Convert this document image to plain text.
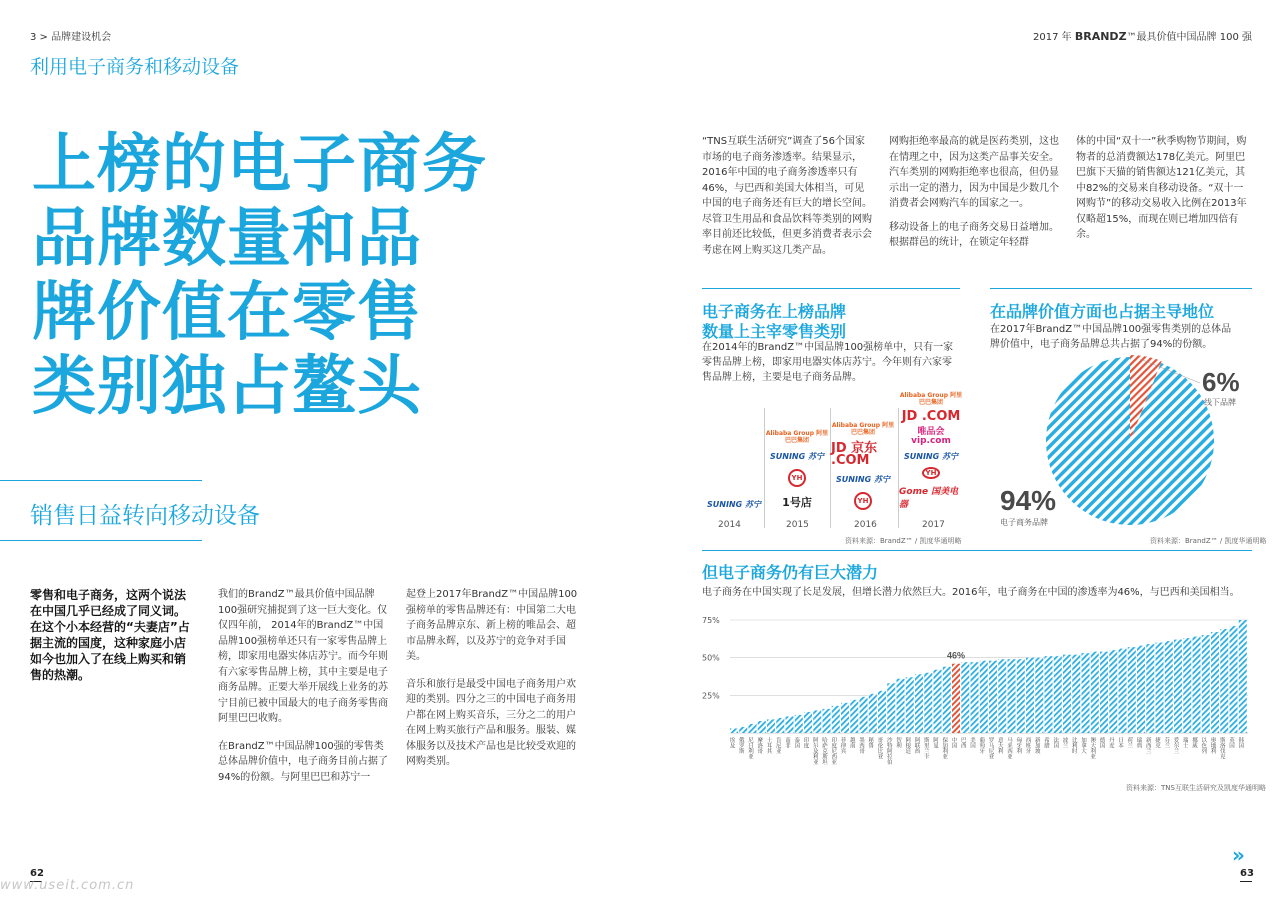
3 > 品牌建设机会
利用电子商务和移动设备
上榜的电子商务
品牌数量和品
牌价值在零售
类别独占鳌头
销售日益转向移动设备
零售和电子商务，这两个说法
在中国几乎已经成了同义词。
在这个小本经营的“夫妻店”占
据主流的国度，这种家庭小店
如今也加入了在线上购买和销
售的热潮。

我们的BrandZ™最具价值中国品牌100强研究捕捉到了这一巨大变化。仅仅四年前， 2014年的BrandZ™中国品牌100强榜单还只有一家零售品牌上榜，即家用电器实体店苏宁。而今年则有六家零售品牌上榜，其中主要是电子商务品牌。正要大举开展线上业务的苏宁目前已被中国最大的电子商务零售商阿里巴巴收购。

在BrandZ™中国品牌100强的零售类总体品牌价值中，电子商务目前占据了94%的份额。与阿里巴巴和苏宁一

起登上2017年BrandZ™中国品牌100强榜单的零售品牌还有：中国第二大电子商务品牌京东、新上榜的唯品会、超市品牌永辉，以及苏宁的竞争对手国美。

音乐和旅行是最受中国电子商务用户欢迎的类别。四分之三的中国电子商务用户都在网上购买音乐，三分之二的用户在网上购买旅行产品和服务。服装、媒体服务以及技术产品也是比较受欢迎的网购类别。

62
www.useit.com.cn
2017 年 BRANDZ™最具价值中国品牌 100 强

“TNS互联生活研究”调查了56个国家市场的电子商务渗透率。结果显示，2016年中国的电子商务渗透率只有46%，与巴西和美国大体相当，可见中国的电子商务还有巨大的增长空间。尽管卫生用品和食品饮料等类别的网购率目前还比较低，但更多消费者表示会考虑在网上购买这几类产品。

网购拒绝率最高的就是医药类别，这也在情理之中，因为这类产品事关安全。汽车类别的网购拒绝率也很高，但仍显示出一定的潜力，因为中国是少数几个消费者会网购汽车的国家之一。

移动设备上的电子商务交易日益增加。根据群邑的统计，在锁定年轻群

体的中国“双十一”秋季购物节期间，购物者的总消费额达178亿美元。阿里巴巴旗下天猫的销售额达121亿美元，其中82%的交易来自移动设备。“双十一网购节”的移动交易收入比例在2013年仅略超15%，而现在则已增加四倍有余。

电子商务在上榜品牌
数量上主宰零售类别
在2014年的BrandZ™中国品牌100强榜单中，只有一家零售品牌上榜，即家用电器实体店苏宁。今年则有六家零售品牌上榜，主要是电子商务品牌。
SUNING 苏宁
Alibaba Group 阿里巴巴集团
SUNING 苏宁
YH
1号店
Alibaba Group 阿里巴巴集团
JD 京东 .COM
SUNING 苏宁
YH
Alibaba Group 阿里巴巴集团
JD .COM
唯品会 vip.com
SUNING 苏宁
YH
Gome 国美电器
2014	2015	2016	2017
资料来源：BrandZ™ / 凯度华通明略
在品牌价值方面也占据主导地位
在2017年BrandZ™中国品牌100强零售类别的总体品牌价值中，电子商务品牌总共占据了94%的份额。
94%
电子商务品牌
6%
线下品牌
资料来源：BrandZ™ / 凯度华通明略
但电子商务仍有巨大潜力
电子商务在中国实现了长足发展，但增长潜力依然巨大。2016年，电子商务在中国的渗透率为46%，与巴西和美国相当。
25%
50%
75%
埃及 俄罗斯 尼日利亚 摩洛哥 土耳其 肯尼亚 南非 泰国 印度 阿尔及利亚 哈萨克斯坦 印度尼西亚 菲律宾 越南 墨西哥 秘鲁 哥伦比亚 沙特阿拉伯 智利 阿根廷 阿联酋 斯里兰卡 阿曼 保加利亚 中国
46%
巴西 美国 葡萄牙 罗马尼亚 意大利 马来西亚 匈牙利 西班牙 新加坡 希腊 法国 波兰 比利时 加拿大 澳大利亚 德国 丹麦 日本 荷兰 瑞典 新西兰 捷克 芬兰 爱尔兰 瑞士 挪威 以色列 奥地利 斯洛伐克 英国 韩国
资料来源：TNS互联生活研究及凯度华通明略
»
63
